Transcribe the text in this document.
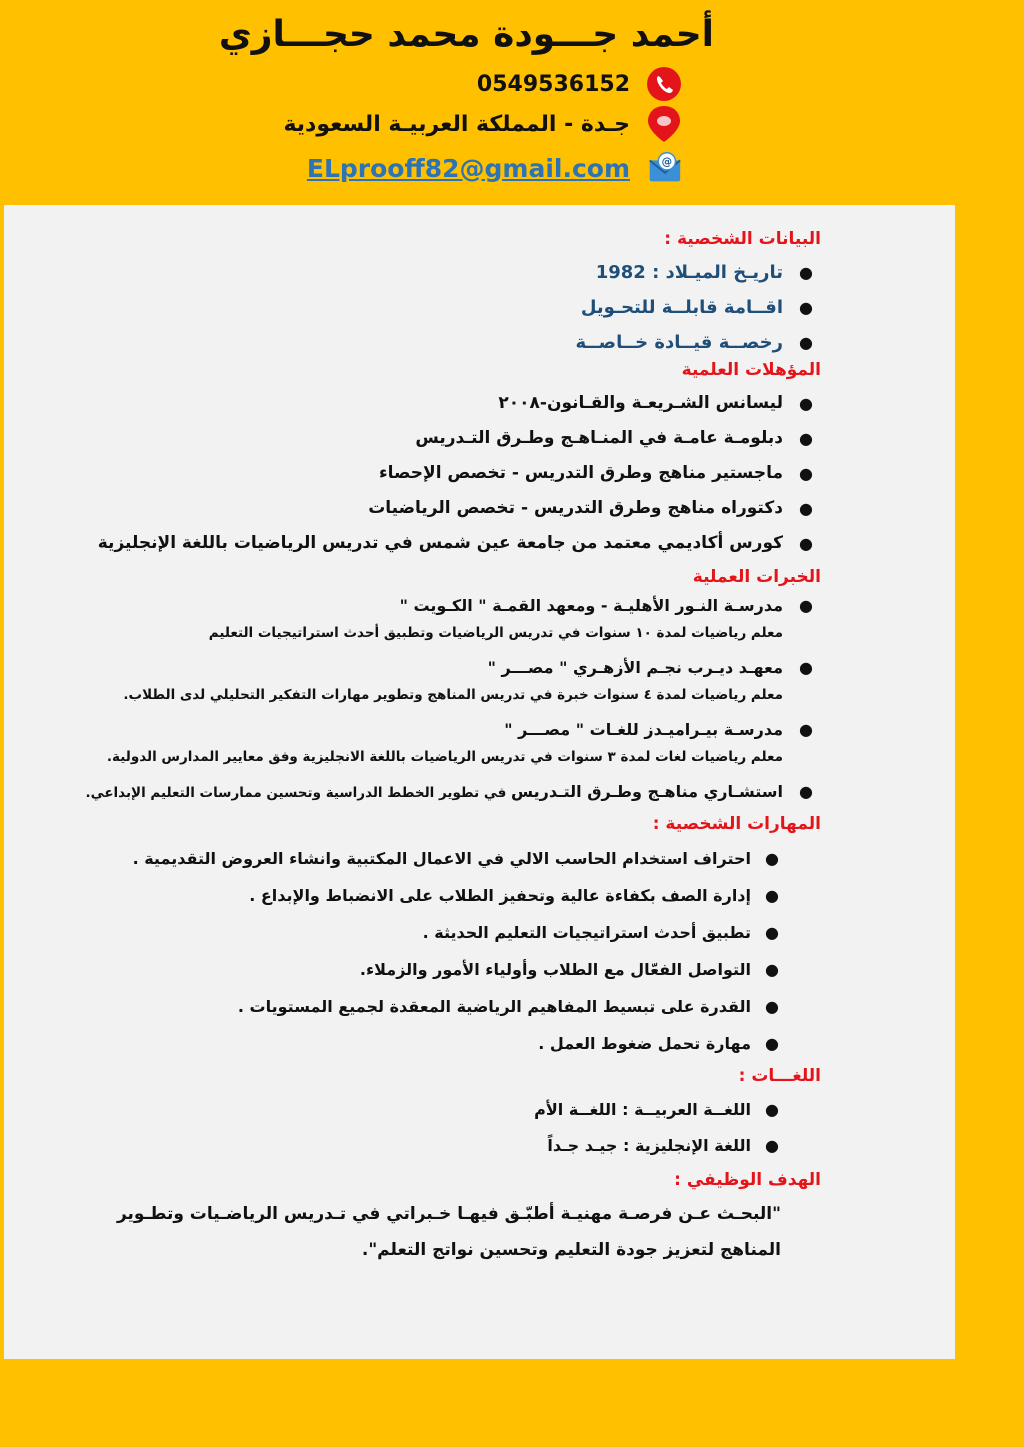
أحمد جـــودة محمد حجـــازي
0549536152
جـدة - المملكة العربيـة السعودية
@
ELprooff82@gmail.com
البيانات الشخصية :
●
تاريـخ الميـلاد : 1982
●
اقــامة قابلــة للتحـويل
●
رخصــة قيــادة خــاصــة
المؤهلات العلمية
●
ليسانس الشـريعـة والقـانون-٢٠٠٨
●
دبلومـة عامـة في المنـاهـج وطـرق التـدريس
●
ماجستير مناهج وطرق التدريس - تخصص الإحصاء
●
دكتوراه مناهج وطرق التدريس - تخصص الرياضيات
●
كورس أكاديمي معتمد من جامعة عين شمس في تدريس الرياضيات باللغة الإنجليزية
الخبرات العملية
●
مدرسـة النـور الأهليـة - ومعهد القمـة " الكـويت "
معلم رياضيات لمدة ١٠ سنوات في تدريس الرياضيات وتطبيق أحدث استراتيجيات التعليم
●
معهـد ديـرب نجـم الأزهـري " مصـــر "
معلم رياضيات لمدة ٤ سنوات خبرة في تدريس المناهج وتطوير مهارات التفكير التحليلي لدى الطلاب.
●
مدرسـة بيـراميـدز للغـات " مصـــر "
معلم رياضيات لغات لمدة ٣ سنوات في تدريس الرياضيات باللغة الانجليزية وفق معايير المدارس الدولية.
●
استشـاري مناهـج وطـرق التـدريس في تطوير الخطط الدراسية وتحسين ممارسات التعليم الإبداعي.
المهارات الشخصية :
●
احتراف استخدام الحاسب الالي في الاعمال المكتبية وانشاء العروض التقديمية .
●
إدارة الصف بكفاءة عالية وتحفيز الطلاب على الانضباط والإبداع .
●
تطبيق أحدث استراتيجيات التعليم الحديثة .
●
التواصل الفعّال مع الطلاب وأولياء الأمور والزملاء.
●
القدرة على تبسيط المفاهيم الرياضية المعقدة لجميع المستويات .
●
مهارة تحمل ضغوط العمل .
اللغـــات :
●
اللغــة العربيــة : اللغــة الأم
●
اللغة الإنجليزية : جيـد جـداً
الهدف الوظيفي :
"البحـث عـن فرصـة مهنيـة أطبّـق فيهـا خـبراتي في تـدريس الرياضـيات وتطـوير المناهج لتعزيز جودة التعليم وتحسين نواتج التعلم".
